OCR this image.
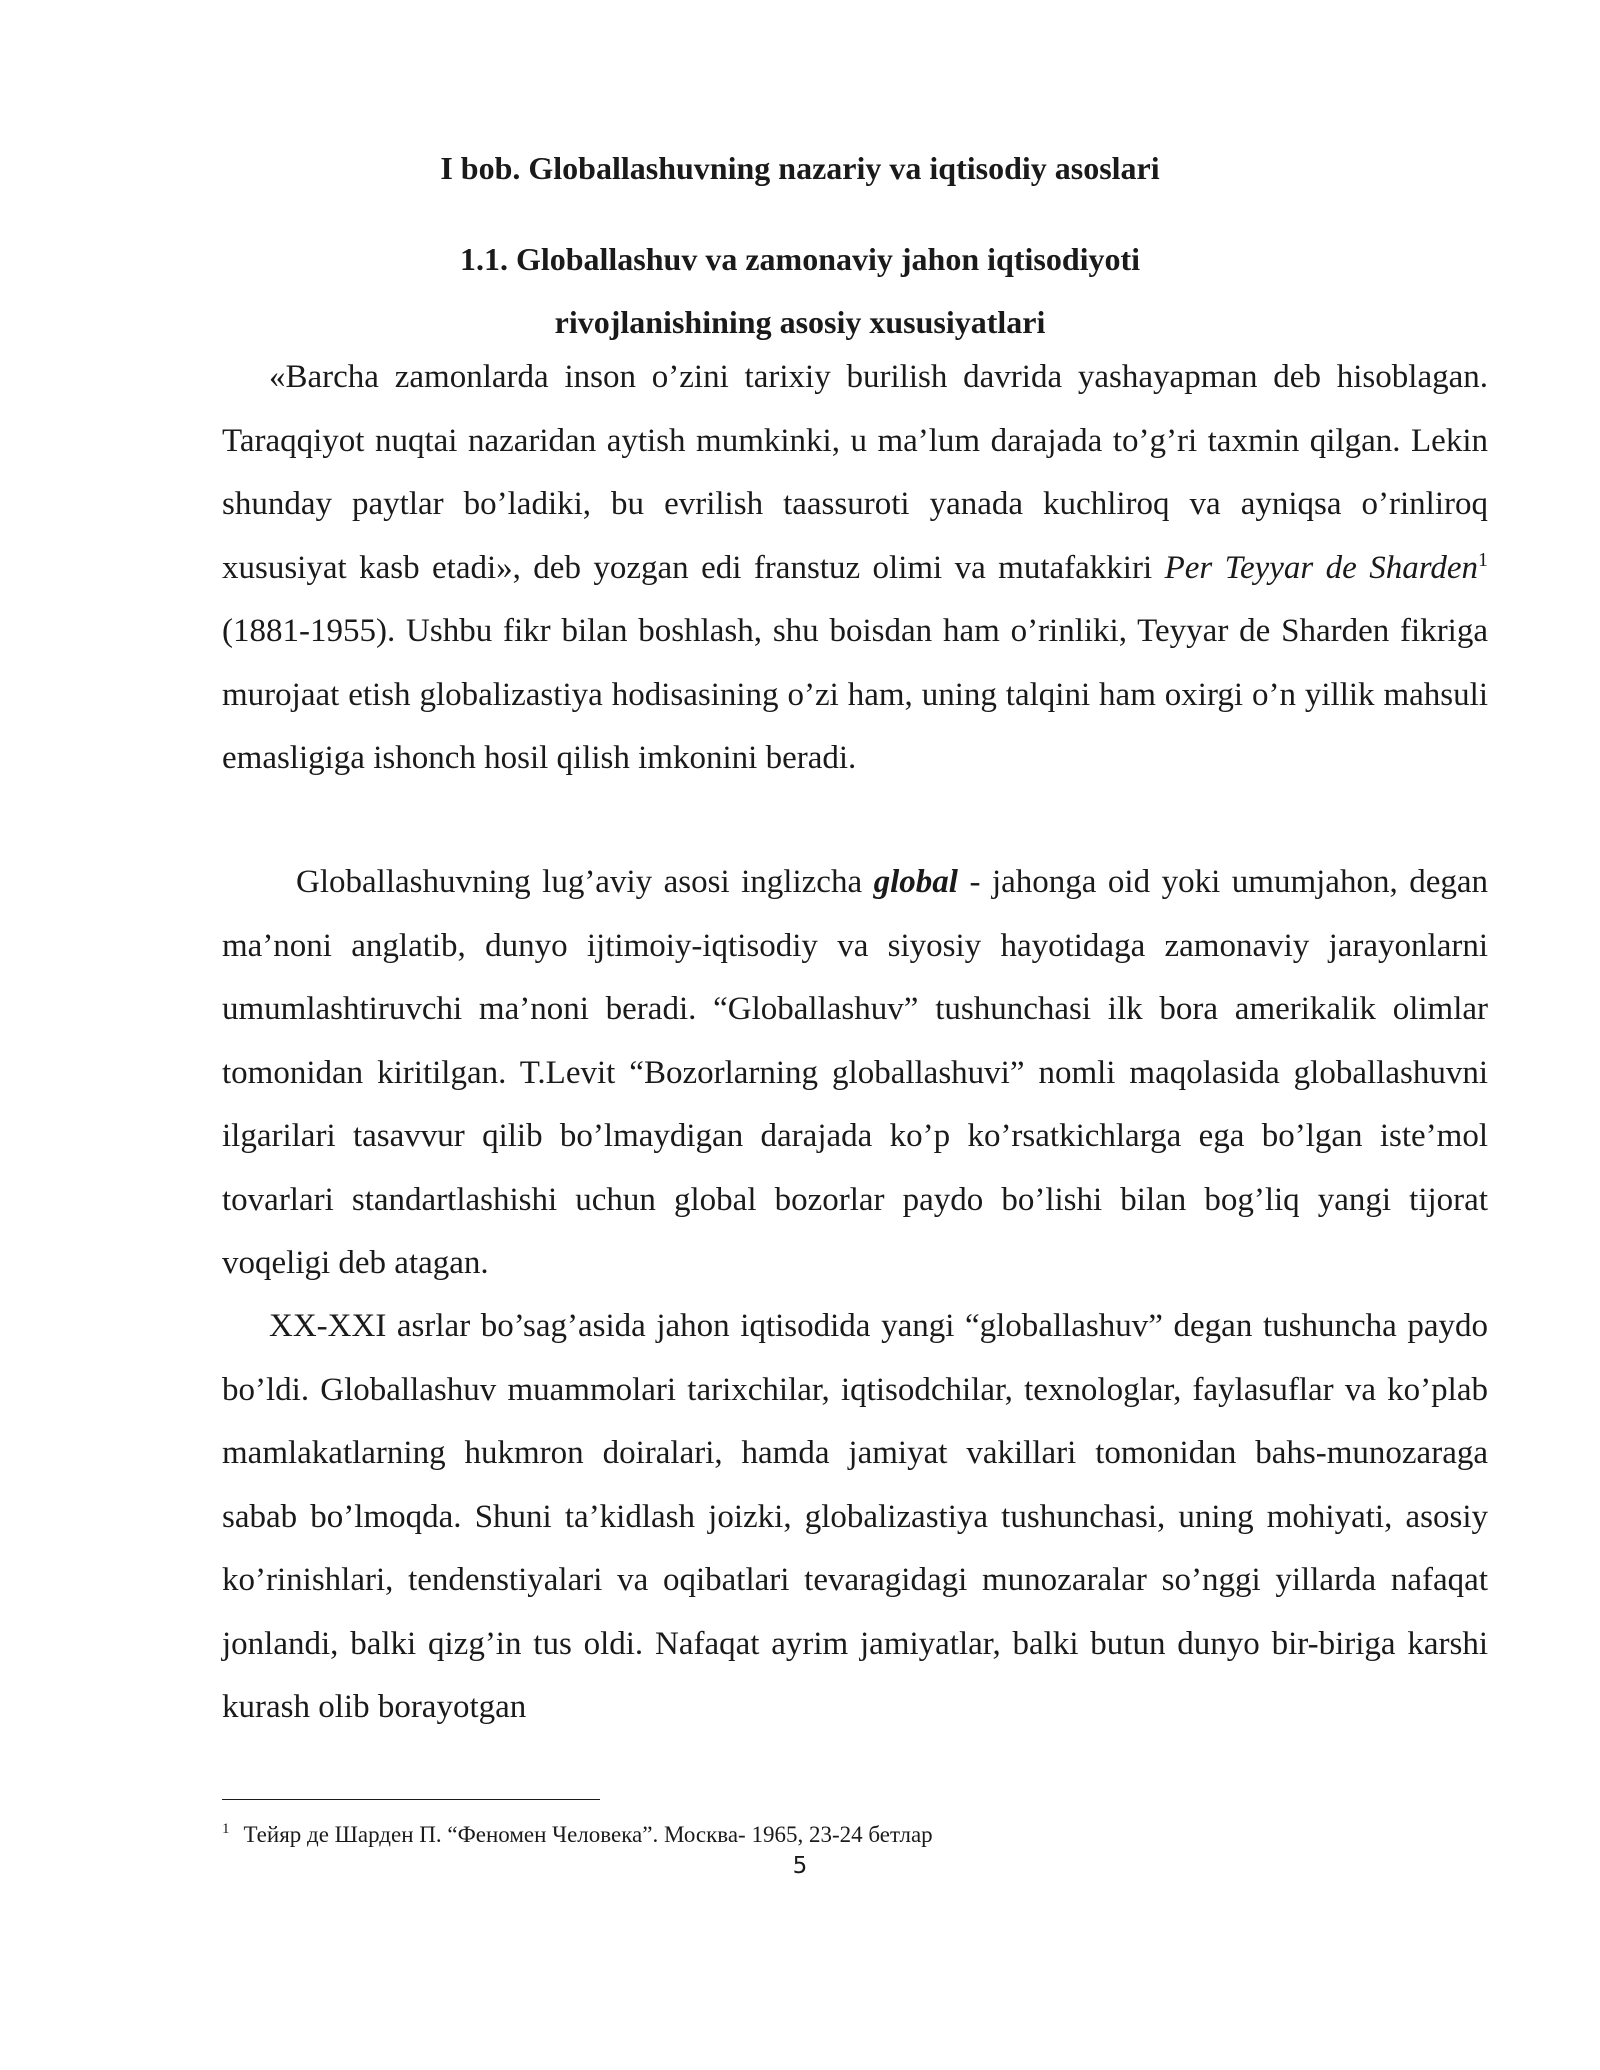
I bob. Globallashuvning nazariy va iqtisodiy asoslari
1.1. Globallashuv va zamonaviy jahon iqtisodiyoti
rivojlanishining asosiy xususiyatlari

«Barcha zamonlarda inson o’zini tarixiy burilish davrida yashayapman deb hisoblagan. Taraqqiyot nuqtai nazaridan aytish mumkinki, u ma’lum darajada to’g’ri taxmin qilgan. Lekin shunday paytlar bo’ladiki, bu evrilish taassuroti yanada kuchliroq va ayniqsa o’rinliroq xususiyat kasb etadi», deb yozgan edi franstuz olimi va mutafakkiri Per Teyyar de Sharden$^1$ (1881-1955). Ushbu fikr bilan boshlash, shu boisdan ham o’rinliki, Teyyar de Sharden fikriga murojaat etish globalizastiya hodisasining o’zi ham, uning talqini ham oxirgi o’n yillik mahsuli emasligiga ishonch hosil qilish imkonini beradi.

Globallashuvning lug’aviy asosi inglizcha global - jahonga oid yoki umumjahon, degan ma’noni anglatib, dunyo ijtimoiy-iqtisodiy va siyosiy hayotidaga zamonaviy jarayonlarni umumlashtiruvchi ma’noni beradi. “Globallashuv” tushunchasi ilk bora amerikalik olimlar tomonidan kiritilgan. T.Levit “Bozorlarning globallashuvi” nomli maqolasida globallashuvni ilgarilari tasavvur qilib bo’lmaydigan darajada ko’p ko’rsatkichlarga ega bo’lgan iste’mol tovarlari standartlashishi uchun global bozorlar paydo bo’lishi bilan bog’liq yangi tijorat voqeligi deb atagan.

XX-XXI asrlar bo’sag’asida jahon iqtisodida yangi “globallashuv” degan tushuncha paydo bo’ldi. Globallashuv muammolari tarixchilar, iqtisodchilar, texnologlar, faylasuflar va ko’plab mamlakatlarning hukmron doiralari, hamda jamiyat vakillari tomonidan bahs-munozaraga sabab bo’lmoqda. Shuni ta’kidlash joizki, globalizastiya tushunchasi, uning mohiyati, asosiy ko’rinishlari, tendenstiyalari va oqibatlari tevaragidagi munozaralar so’nggi yillarda nafaqat jonlandi, balki qizg’in tus oldi. Nafaqat ayrim jamiyatlar, balki butun dunyo bir-biriga karshi kurash olib borayotgan

$^1$ Тейяр де Шарден П. “Феномен Человека”. Москва- 1965, 23-24 бетлар

5
